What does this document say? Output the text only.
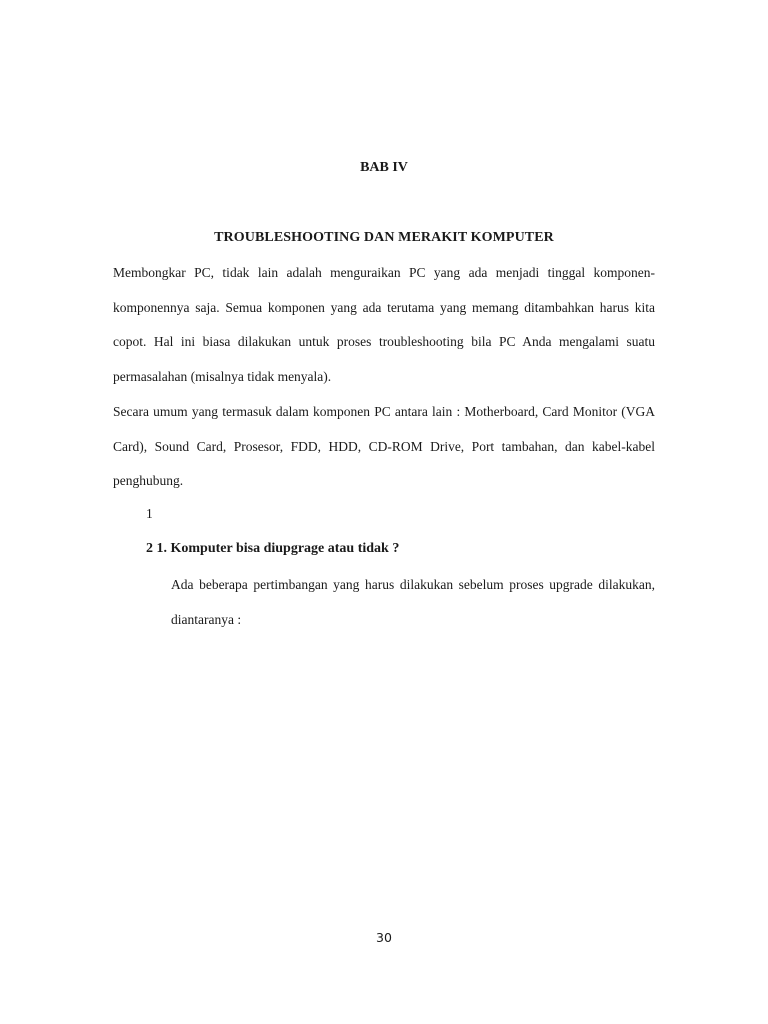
BAB IV
TROUBLESHOOTING DAN MERAKIT KOMPUTER
Membongkar PC, tidak lain adalah menguraikan PC yang ada menjadi tinggal komponen-komponennya saja. Semua komponen yang ada terutama yang memang ditambahkan harus kita copot. Hal ini biasa dilakukan untuk proses troubleshooting bila PC Anda mengalami suatu permasalahan (misalnya tidak menyala).
Secara umum yang termasuk dalam komponen PC antara lain : Motherboard, Card Monitor (VGA Card), Sound Card, Prosesor, FDD, HDD, CD-ROM Drive, Port tambahan, dan kabel-kabel penghubung.
1
2 1. Komputer bisa diupgrage atau tidak ?
Ada beberapa pertimbangan yang harus dilakukan sebelum proses upgrade dilakukan, diantaranya :
30
